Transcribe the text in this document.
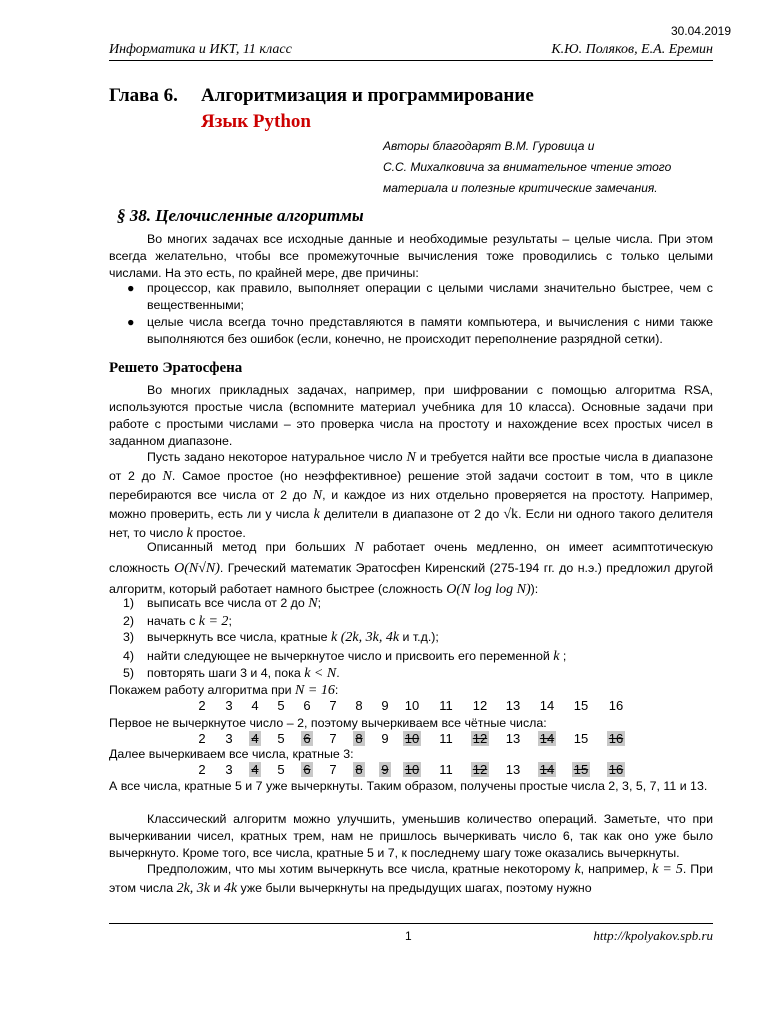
30.04.2019
Информатика и ИКТ, 11 класс	К.Ю. Поляков, Е.А. Еремин
Глава 6. Алгоритмизация и программирование
Язык Python
Авторы благодарят В.М. Гуровица и
С.С. Михалковича за внимательное чтение этого
материала и полезные критические замечания.
§ 38. Целочисленные алгоритмы
Во многих задачах все исходные данные и необходимые результаты – целые числа. При этом всегда желательно, чтобы все промежуточные вычисления тоже проводились с только целыми числами. На это есть, по крайней мере, две причины:
● процессор, как правило, выполняет операции с целыми числами значительно быстрее, чем с вещественными;
● целые числа всегда точно представляются в памяти компьютера, и вычисления с ними также выполняются без ошибок (если, конечно, не происходит переполнение разрядной сетки).
Решето Эратосфена
Во многих прикладных задачах, например, при шифровании с помощью алгоритма RSA, используются простые числа (вспомните материал учебника для 10 класса). Основные задачи при работе с простыми числами – это проверка числа на простоту и нахождение всех простых чисел в заданном диапазоне.
Пусть задано некоторое натуральное число N и требуется найти все простые числа в диапазоне от 2 до N. Самое простое (но неэффективное) решение этой задачи состоит в том, что в цикле перебираются все числа от 2 до N, и каждое из них отдельно проверяется на простоту. Например, можно проверить, есть ли у числа k делители в диапазоне от 2 до √k. Если ни одного такого делителя нет, то число k простое.
Описанный метод при больших N работает очень медленно, он имеет асимптотическую сложность O(N√N). Греческий математик Эратосфен Киренский (275-194 гг. до н.э.) предложил другой алгоритм, который работает намного быстрее (сложность O(N log log N)):
1) выписать все числа от 2 до N;
2) начать с k = 2;
3) вычеркнуть все числа, кратные k (2k, 3k, 4k и т.д.);
4) найти следующее не вычеркнутое число и присвоить его переменной k ;
5) повторять шаги 3 и 4, пока k < N.
Покажем работу алгоритма при N = 16:
2	3	4	5	6	7	8	9	10	11	12	13	14	15	16
Первое не вычеркнутое число – 2, поэтому вычеркиваем все чётные числа:
2	3	4	5	6	7	8	9	10	11	12	13	14	15	16
Далее вычеркиваем все числа, кратные 3:
2	3	4	5	6	7	8	9	10	11	12	13	14	15	16
А все числа, кратные 5 и 7 уже вычеркнуты. Таким образом, получены простые числа 2, 3, 5, 7, 11 и 13.
Классический алгоритм можно улучшить, уменьшив количество операций. Заметьте, что при вычеркивании чисел, кратных трем, нам не пришлось вычеркивать число 6, так как оно уже было вычеркнуто. Кроме того, все числа, кратные 5 и 7, к последнему шагу тоже оказались вычеркнуты.
Предположим, что мы хотим вычеркнуть все числа, кратные некоторому k, например, k = 5. При этом числа 2k, 3k и 4k уже были вычеркнуты на предыдущих шагах, поэтому нужно
1	http://kpolyakov.spb.ru
